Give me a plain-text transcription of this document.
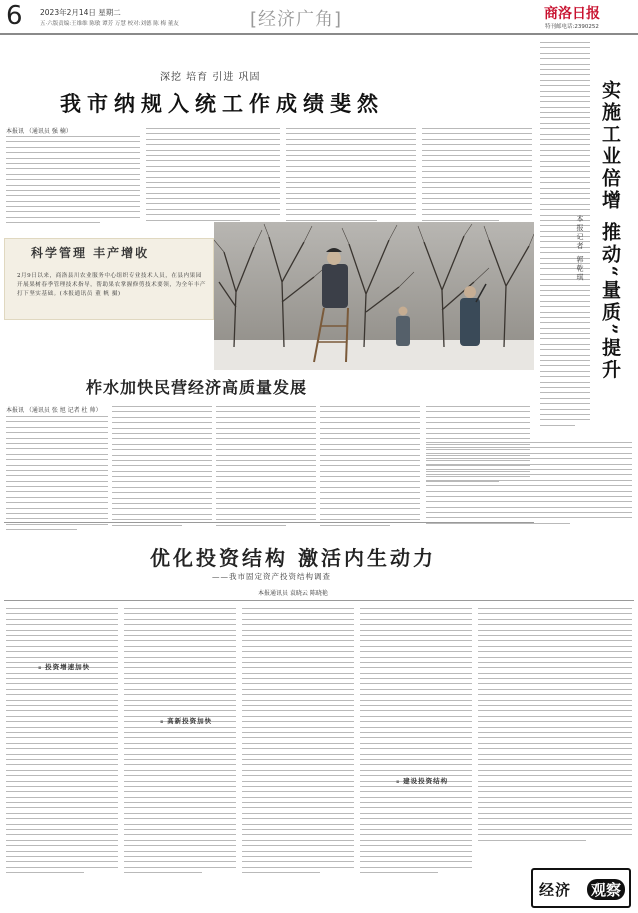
6 2023年2月14日 星期二
五·六版责编:王维维 陈敏 谭芳 万慧 校对:刘德 陈 梅 董友	[经济广角]	商洛日报
特刊邮电话:2390252
深挖 培育 引进 巩固
我市纳规入统工作成绩斐然
本报讯 （通讯员 强 楠）
科学管理 丰产增收
2月9日以来，商洛县川农业服务中心组织专业技术人员，在县内果园开展果树春季管理技术指导，帮助果农掌握修剪技术要领，为全年丰产打下坚实基础。(本报通讯员 董 帆 摄)
柞水加快民营经济高质量发展
本报讯 （通讯员 张 旭 记者 杜 帅）
优化投资结构 激活内生动力
——我市固定资产投资结构调查
本报通讯员 袁晓云 陈晓艳
▪ 投资增速加快
▪ 高新投资加快
▪ 建设投资结构
实施工业倍增 推动“量质”提升
本报记者 郭乾琪
经济 观察
